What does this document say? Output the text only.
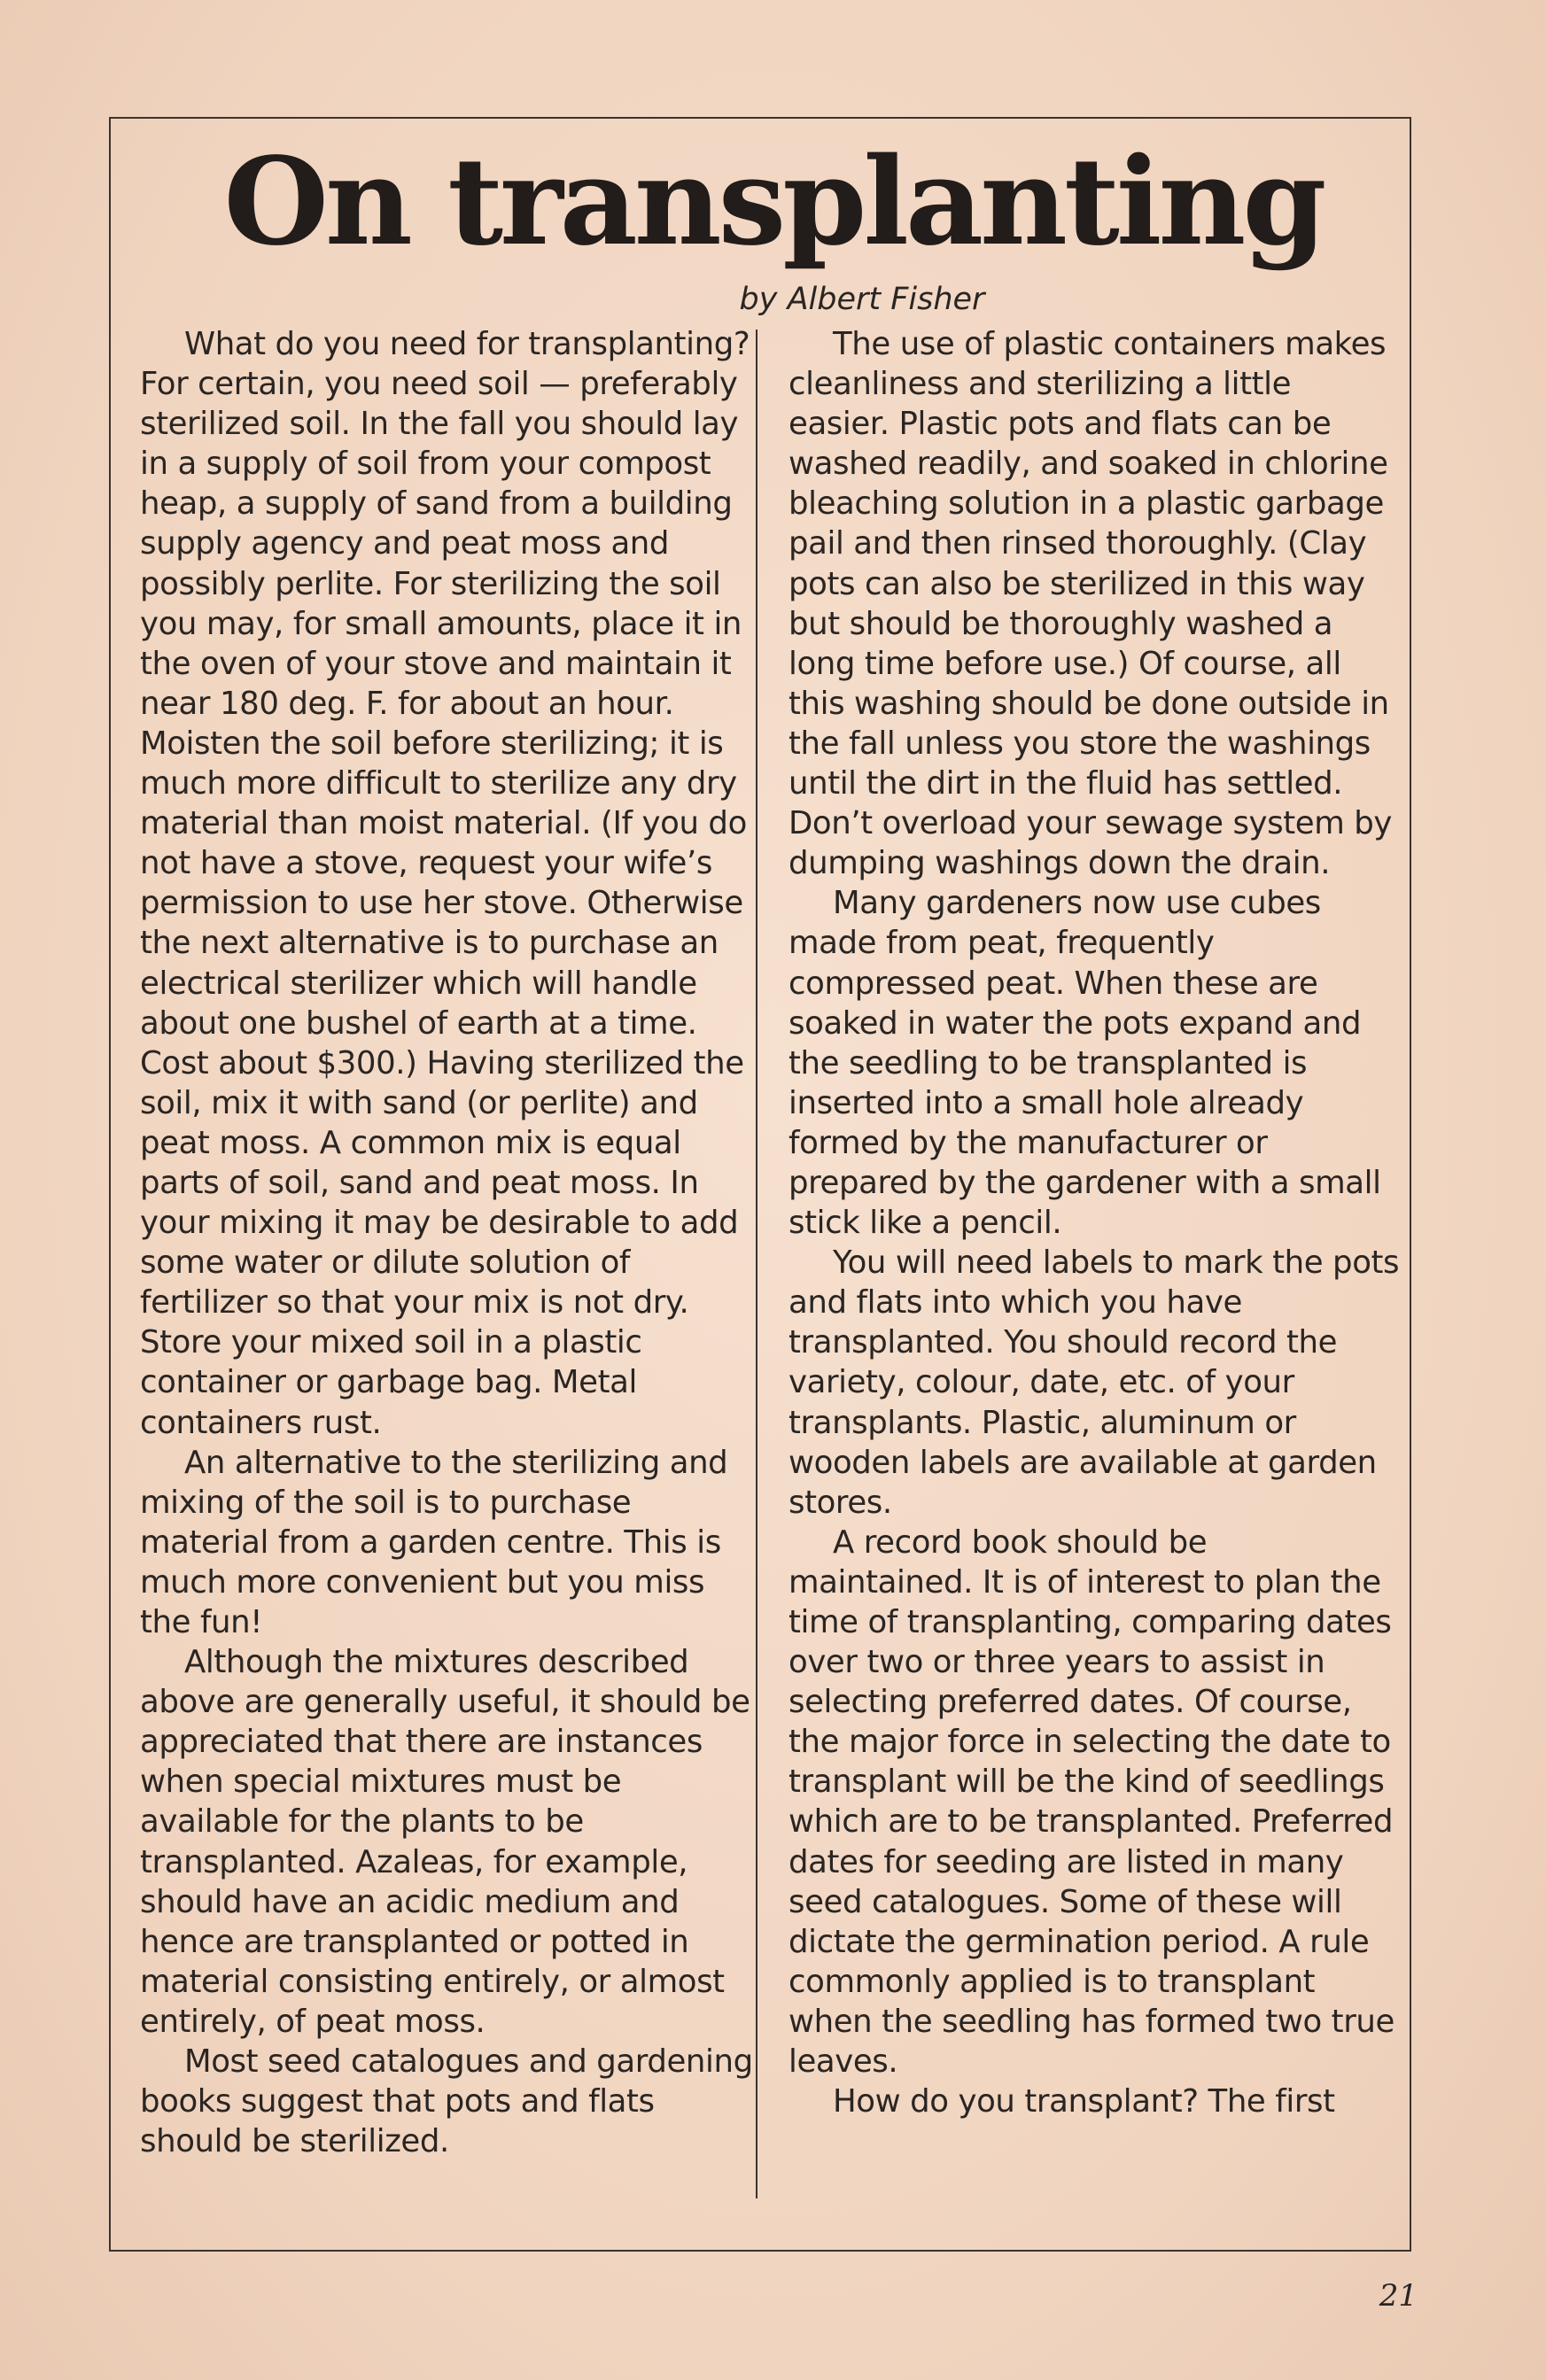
On transplanting
by Albert Fisher

What do you need for transplanting? For certain, you need soil — preferably sterilized soil. In the fall you should lay in a supply of soil from your compost heap, a supply of sand from a building supply agency and peat moss and possibly perlite. For sterilizing the soil you may, for small amounts, place it in the oven of your stove and maintain it near 180 deg. F. for about an hour. Moisten the soil before sterilizing; it is much more difficult to sterilize any dry material than moist material. (If you do not have a stove, request your wife’s permission to use her stove. Otherwise the next alternative is to purchase an electrical sterilizer which will handle about one bushel of earth at a time. Cost about $300.) Having sterilized the soil, mix it with sand (or perlite) and peat moss. A common mix is equal parts of soil, sand and peat moss. In your mixing it may be desirable to add some water or dilute solution of fertilizer so that your mix is not dry. Store your mixed soil in a plastic container or garbage bag. Metal containers rust.

An alternative to the sterilizing and mixing of the soil is to purchase material from a garden centre. This is much more convenient but you miss the fun!

Although the mixtures described above are generally useful, it should be appreciated that there are instances when special mixtures must be available for the plants to be transplanted. Azaleas, for example, should have an acidic medium and hence are transplanted or potted in material consisting entirely, or almost entirely, of peat moss.

Most seed catalogues and gardening books suggest that pots and flats should be sterilized.

The use of plastic containers makes cleanliness and sterilizing a little easier. Plastic pots and flats can be washed readily, and soaked in chlorine bleaching solution in a plastic garbage pail and then rinsed thoroughly. (Clay pots can also be sterilized in this way but should be thoroughly washed a long time before use.) Of course, all this washing should be done outside in the fall unless you store the washings until the dirt in the fluid has settled. Don’t overload your sewage system by dumping washings down the drain.

Many gardeners now use cubes made from peat, frequently compressed peat. When these are soaked in water the pots expand and the seedling to be transplanted is inserted into a small hole already formed by the manufacturer or prepared by the gardener with a small stick like a pencil.

You will need labels to mark the pots and flats into which you have transplanted. You should record the variety, colour, date, etc. of your transplants. Plastic, aluminum or wooden labels are available at garden stores.

A record book should be maintained. It is of interest to plan the time of transplanting, comparing dates over two or three years to assist in selecting preferred dates. Of course, the major force in selecting the date to transplant will be the kind of seedlings which are to be transplanted. Preferred dates for seeding are listed in many seed catalogues. Some of these will dictate the germination period. A rule commonly applied is to transplant when the seedling has formed two true leaves.

How do you transplant? The first

21
